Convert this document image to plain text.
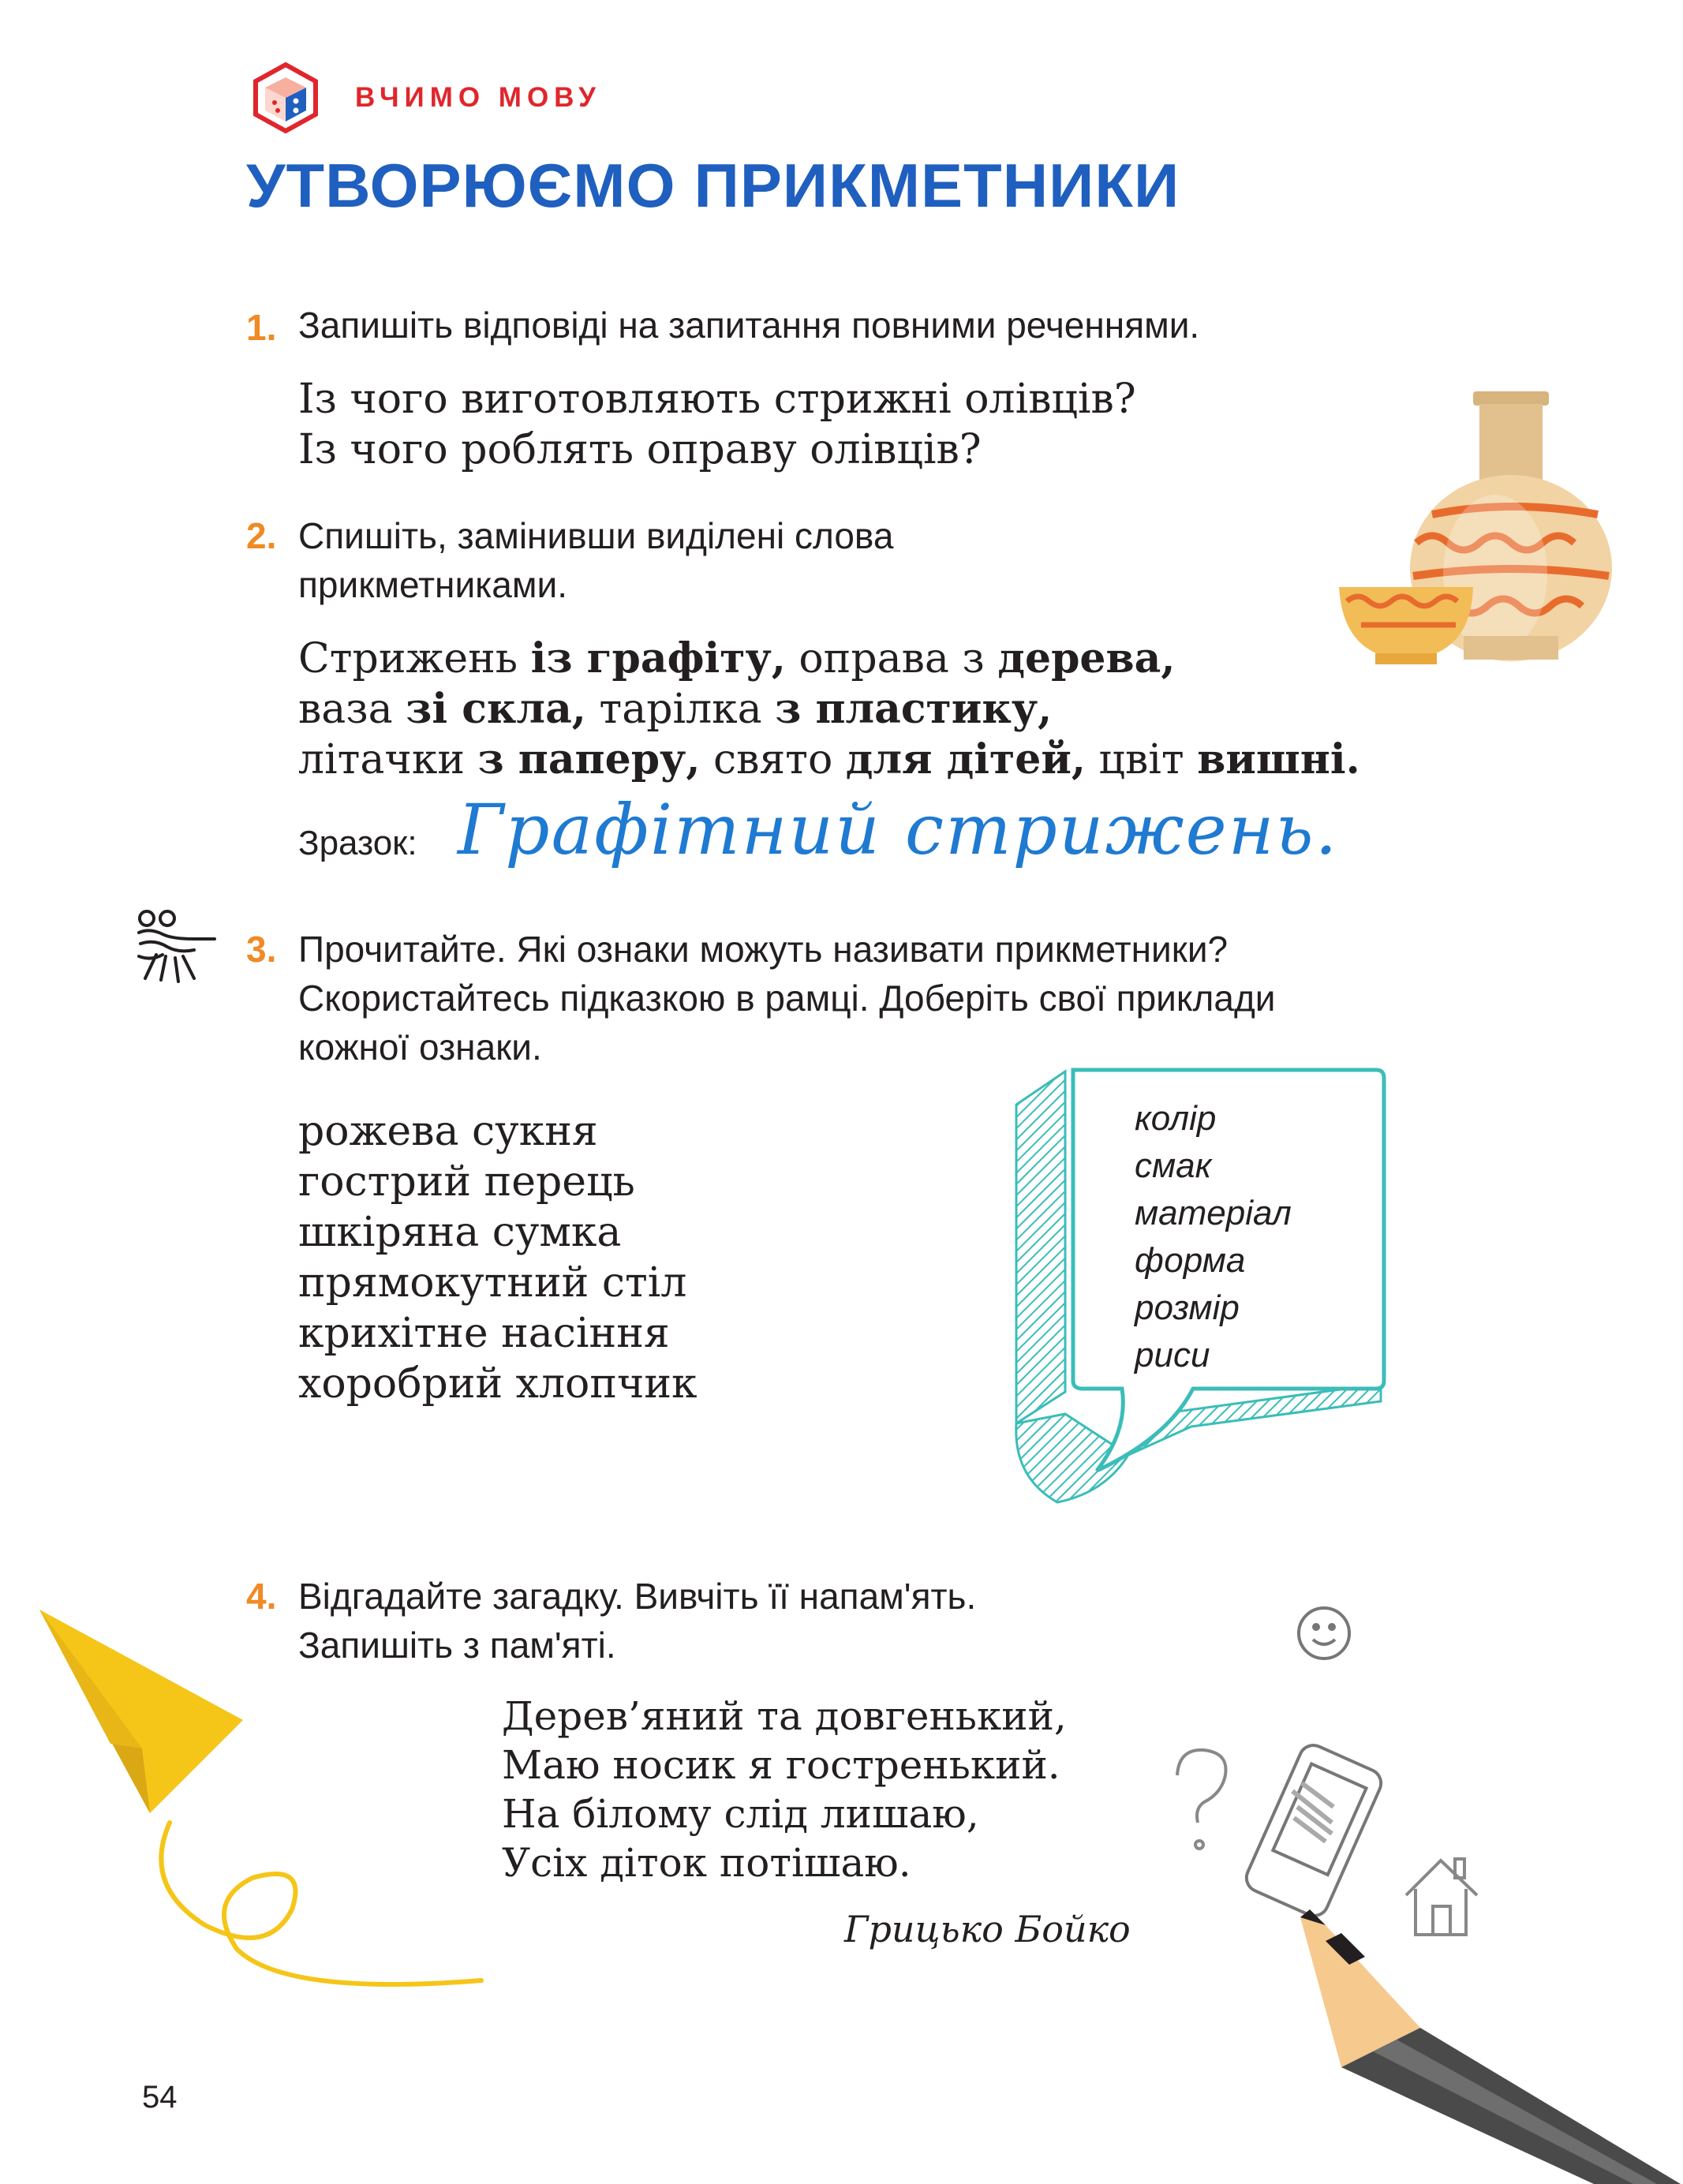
ВЧИМО МОВУ
УТВОРЮЄМО ПРИКМЕТНИКИ
1. Запишіть відповіді на запитання повними реченнями.
Із чого виготовляють стрижні олівців?
Із чого роблять оправу олівців?
2. Спишіть, замінивши виділені слова
прикметниками.
Стрижень із графіту, оправа з дерева,
ваза зі скла, тарілка з пластику,
літачки з паперу, свято для дітей, цвіт вишні.
Зразок: Графітний стрижень.
3. Прочитайте. Які ознаки можуть називати прикметники?
Скористайтесь підказкою в рамці. Доберіть свої приклади
кожної ознаки.
рожева сукня
гострий перець
шкіряна сумка
прямокутний стіл
крихітне насіння
хоробрий хлопчик
колір
смак
матеріал
форма
розмір
риси
4. Відгадайте загадку. Вивчіть її напам'ять.
Запишіть з пам'яті.
Дерев’яний та довгенький,
Маю носик я гостренький.
На білому слід лишаю,
Усіх діток потішаю.
Грицько Бойко
54
